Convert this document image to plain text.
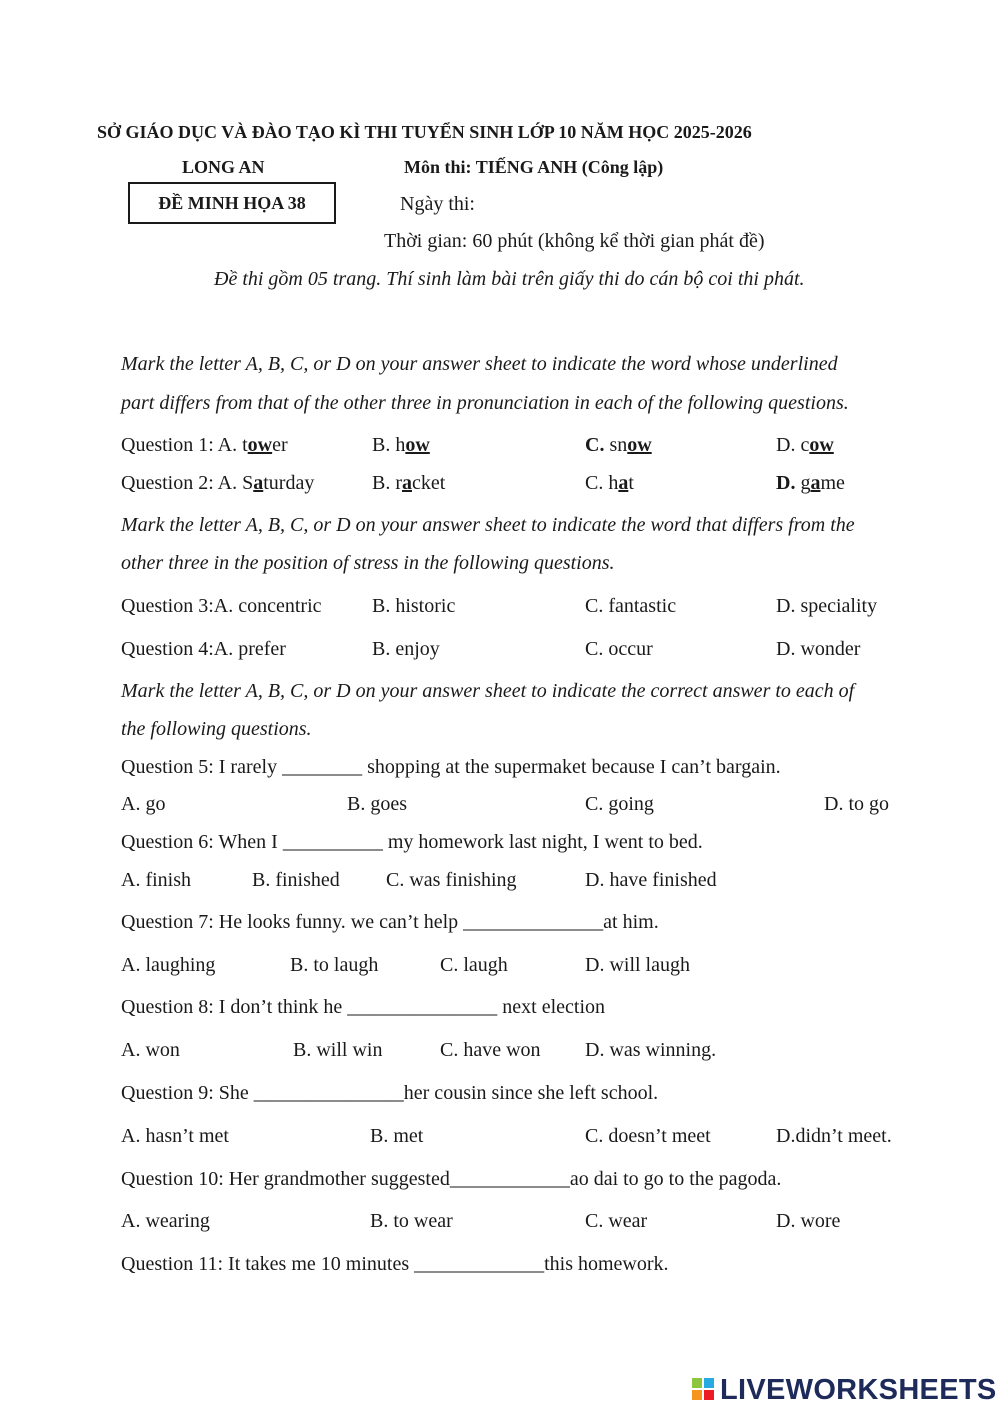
SỞ GIÁO DỤC VÀ ĐÀO TẠO KÌ THI TUYỂN SINH LỚP 10 NĂM HỌC 2025-2026
LONG AN	Môn thi: TIẾNG ANH (Công lập)
ĐỀ MINH HỌA 38	Ngày thi:
Thời gian: 60 phút (không kể thời gian phát đề)
Đề thi gồm 05 trang. Thí sinh làm bài trên giấy thi do cán bộ coi thi phát.
Mark the letter A, B, C, or D on your answer sheet to indicate the word whose underlined
part differs from that of the other three in pronunciation in each of the following questions.
Question 1: A. tower	B. how	C. snow	D. cow
Question 2: A. Saturday	B. racket	C. hat	D. game
Mark the letter A, B, C, or D on your answer sheet to indicate the word that differs from the
other three in the position of stress in the following questions.
Question 3:A. concentric	B. historic	C. fantastic	D. speciality
Question 4:A. prefer	B. enjoy	C. occur	D. wonder
Mark the letter A, B, C, or D on your answer sheet to indicate the correct answer to each of
the following questions.
Question 5: I rarely ________ shopping at the supermaket because I can’t bargain.
A. go	B. goes	C. going	D. to go
Question 6: When I __________ my homework last night, I went to bed.
A. finish	B. finished C. was finishing	D. have finished
Question 7: He looks funny. we can’t help ______________at him.
A. laughing	B. to laugh	C. laugh	D. will laugh
Question 8: I don’t think he _______________ next election
A. won	B. will win	C. have won D. was winning.
Question 9: She _______________her cousin since she left school.
A. hasn’t met	B. met	C. doesn’t meet	D.didn’t meet.
Question 10: Her grandmother suggested____________ao dai to go to the pagoda.
A. wearing	B. to wear	C. wear	D. wore
Question 11: It takes me 10 minutes _____________this homework.
LIVEWORKSHEETS
